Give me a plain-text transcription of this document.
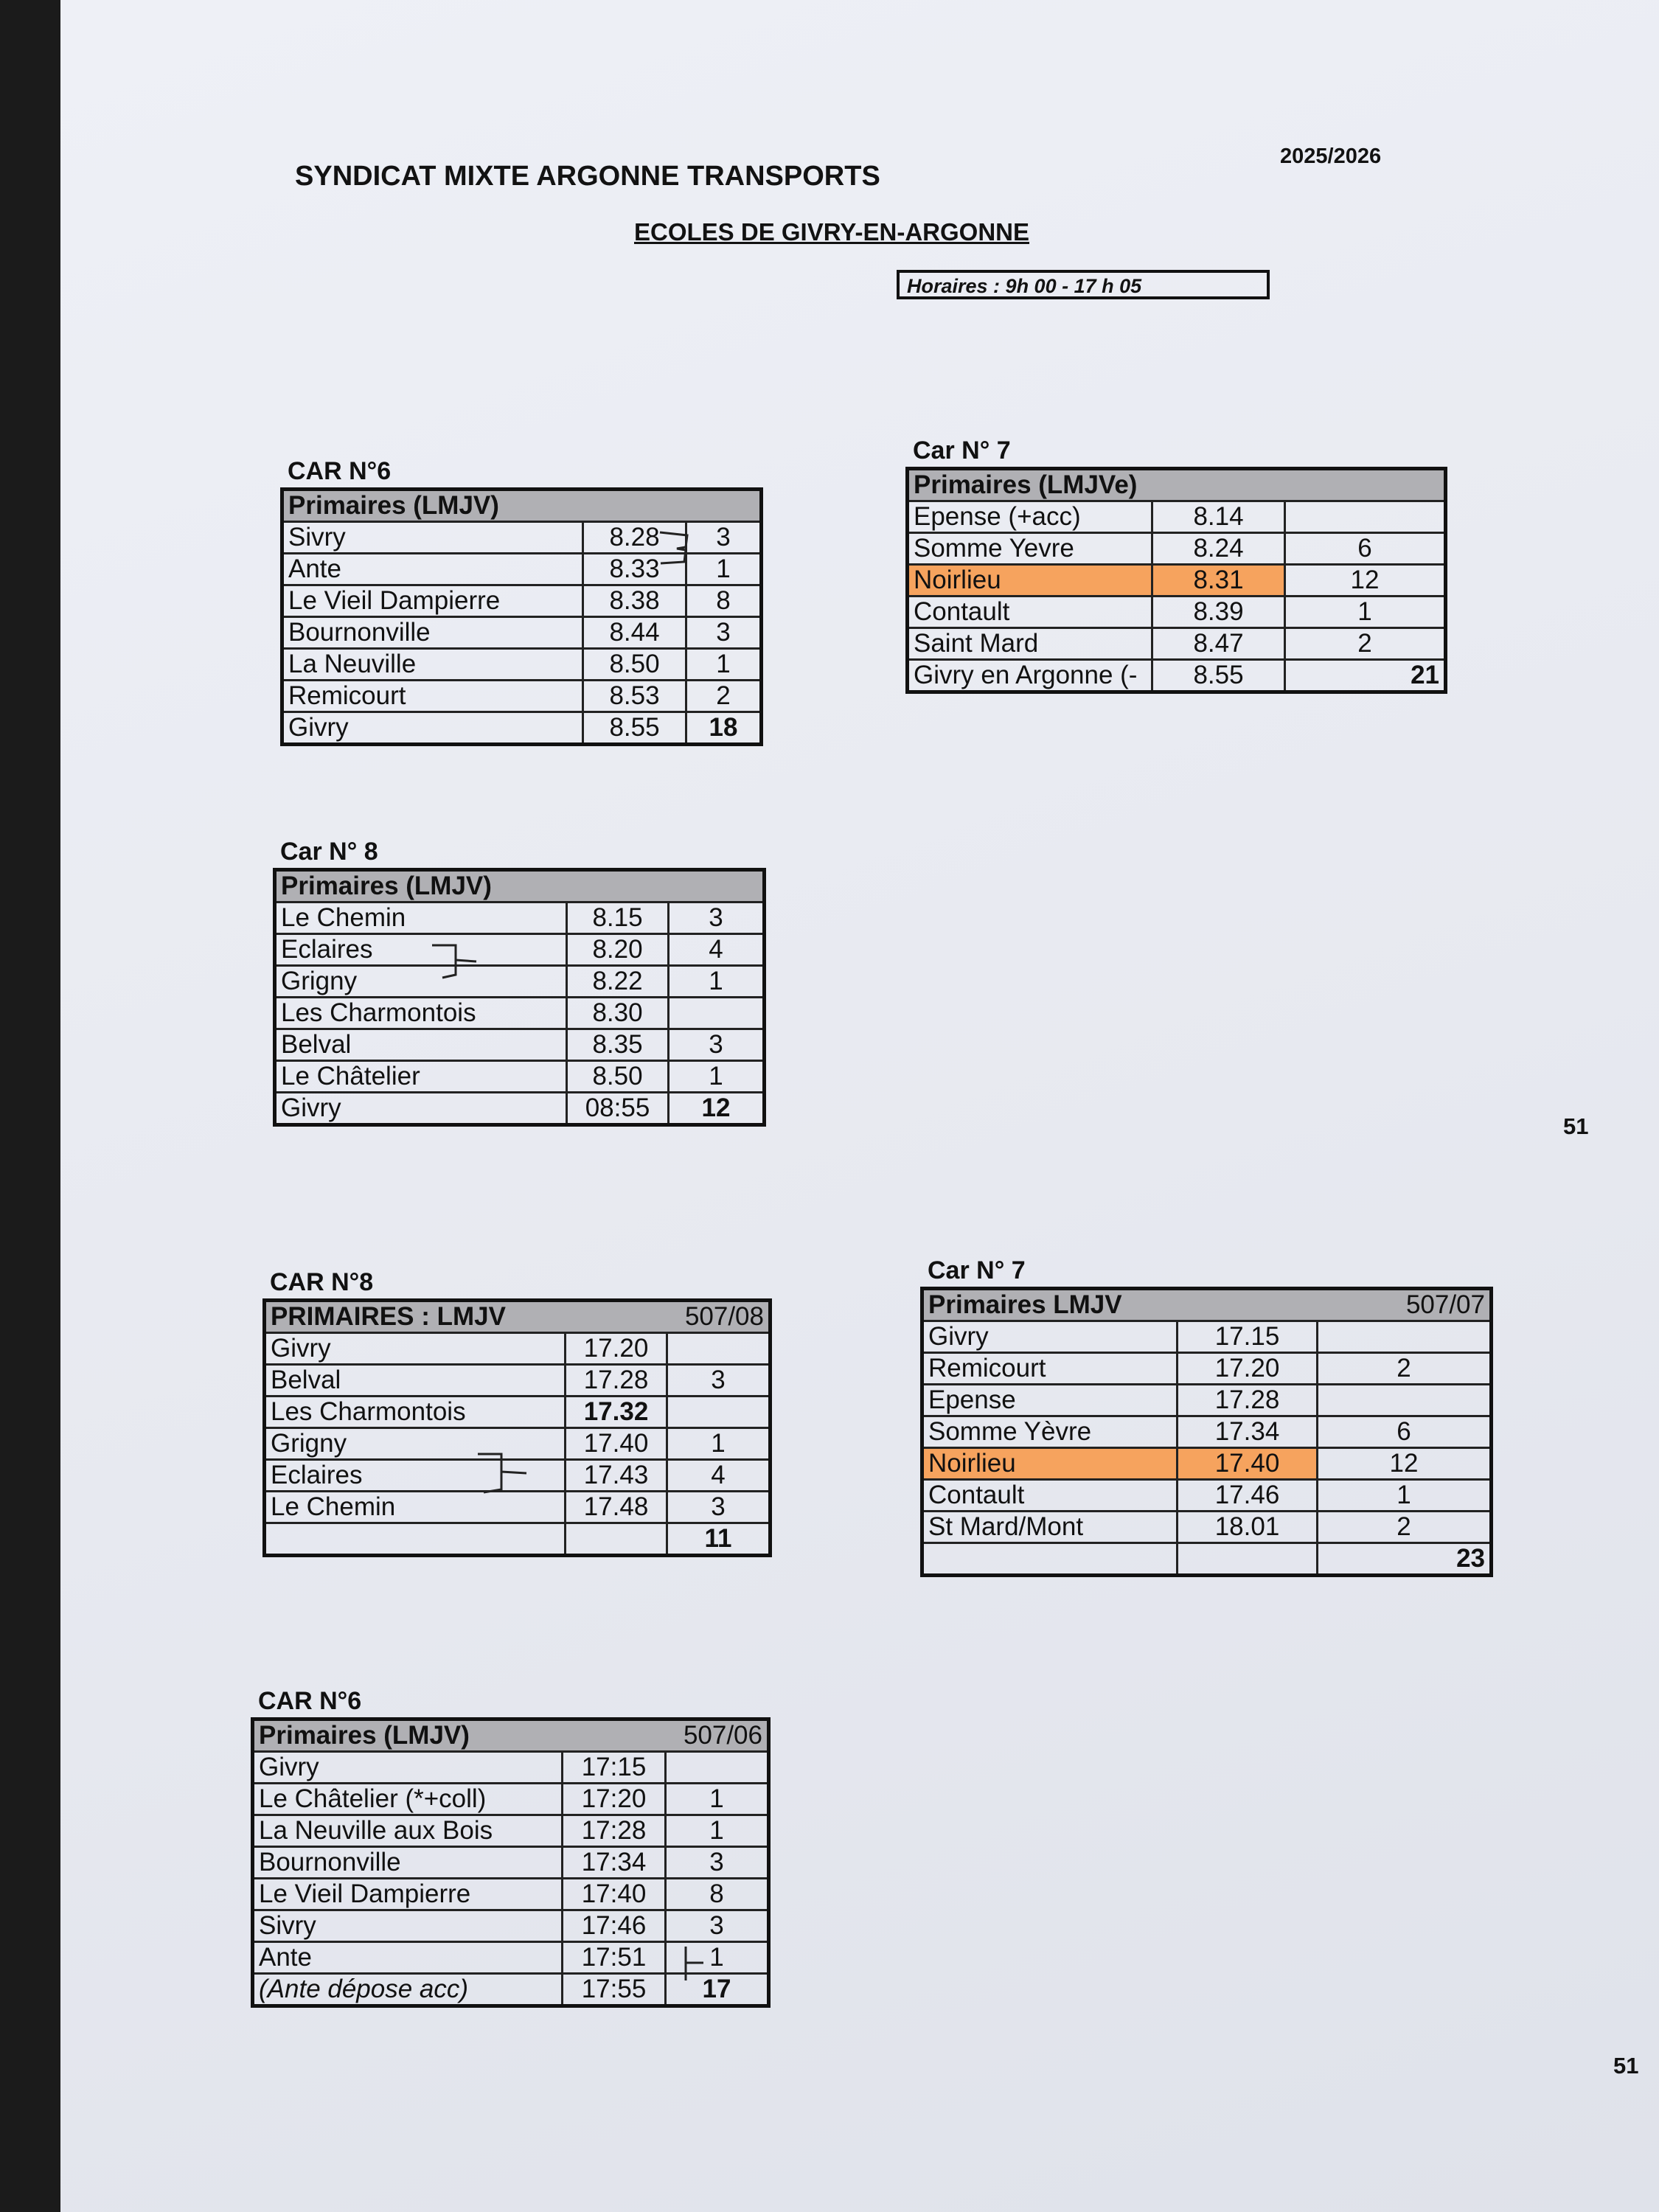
SYNDICAT MIXTE ARGONNE TRANSPORTS
2025/2026
ECOLES DE GIVRY-EN-ARGONNE
Horaires : 9h 00 - 17 h 05
51
51
CAR N°6
Primaires (LMJV)		
Sivry	8.28	3
Ante	8.33	1
Le Vieil Dampierre	8.38	8
Bournonville	8.44	3
La Neuville	8.50	1
Remicourt	8.53	2
Givry	8.55	18
Car N° 7
Primaires (LMJVe)		
Epense (+acc)	8.14	
Somme Yevre	8.24	6
Noirlieu	8.31	12
Contault	8.39	1
Saint Mard	8.47	2
Givry en Argonne (-	8.55	21
Car N° 8
Primaires (LMJV)		
Le Chemin	8.15	3
Eclaires	8.20	4
Grigny	8.22	1
Les Charmontois	8.30	
Belval	8.35	3
Le Châtelier	8.50	1
Givry	08:55	12
CAR N°8
PRIMAIRES : LMJV 507/08		

Givry	17.20	
Belval	17.28	3
Les Charmontois	17.32	
Grigny	17.40	1
Eclaires	17.43	4
Le Chemin	17.48	3
		11
Car N° 7
Primaires LMJV 507/07		

Givry	17.15	
Remicourt	17.20	2
Epense	17.28	
Somme Yèvre	17.34	6
Noirlieu	17.40	12
Contault	17.46	1
St Mard/Mont	18.01	2
		23
CAR N°6
Primaires (LMJV) 507/06		

Givry	17:15	
Le Châtelier (*+coll)	17:20	1
La Neuville aux Bois	17:28	1
Bournonville	17:34	3
Le Vieil Dampierre	17:40	8
Sivry	17:46	3
Ante	17:51	1
(Ante dépose acc)	17:55	17
